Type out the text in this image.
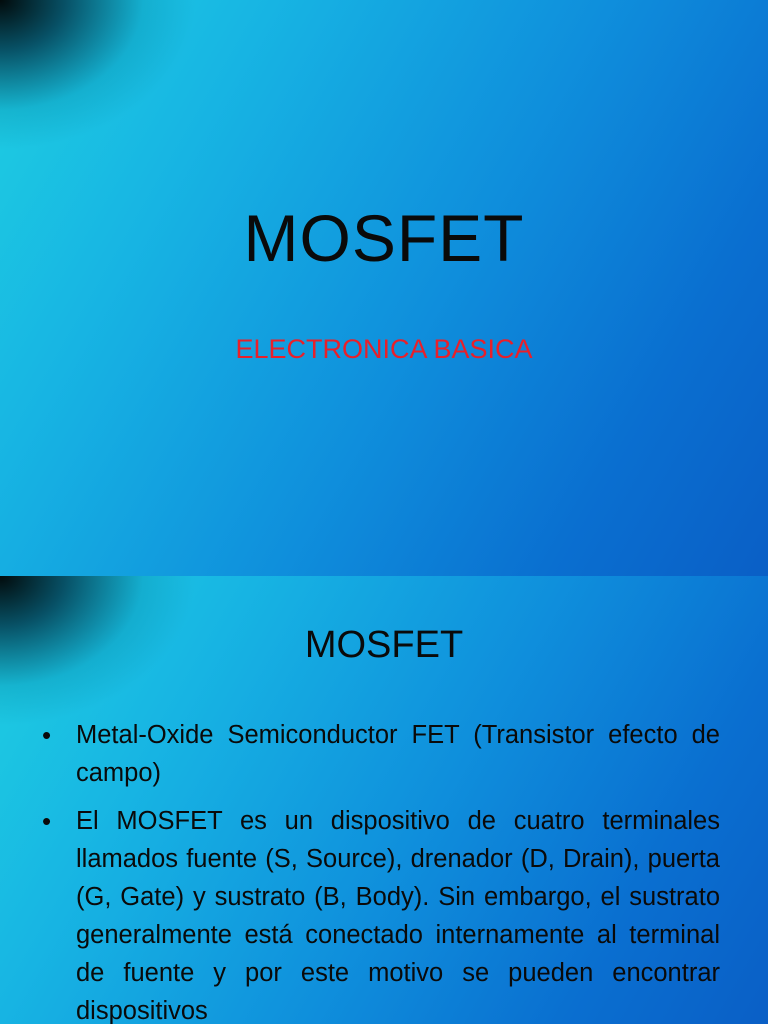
MOSFET
ELECTRONICA BASICA
MOSFET
• Metal-Oxide Semiconductor FET (Transistor efecto de campo)
• El MOSFET es un dispositivo de cuatro terminales llamados fuente (S, Source), drenador (D, Drain), puerta (G, Gate) y sustrato (B, Body). Sin embargo, el sustrato generalmente está conectado internamente al terminal de fuente y por este motivo se pueden encontrar dispositivos
